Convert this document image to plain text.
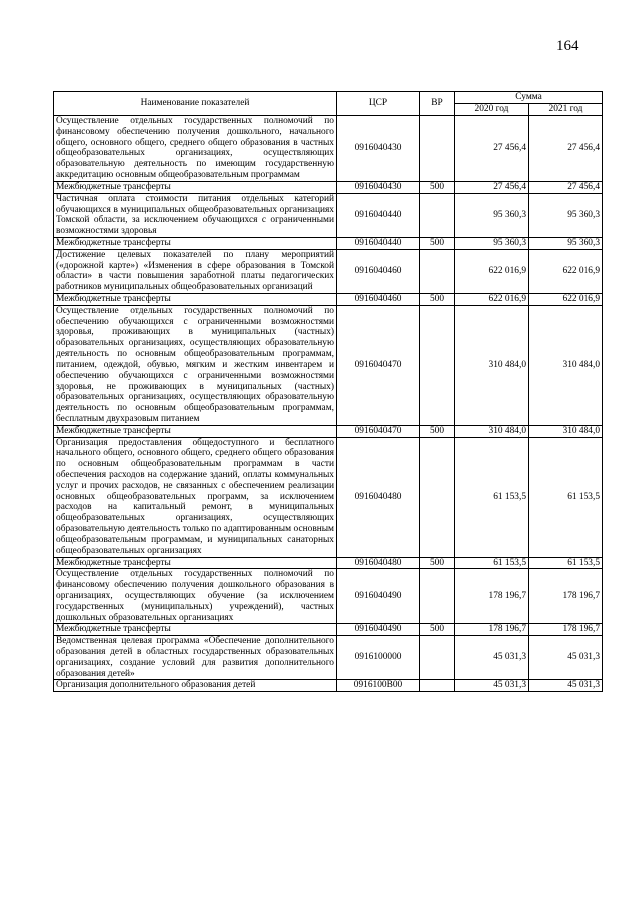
164
Наименование показателей	ЦСР	ВР	Сумма	
			2020 год	2021 год
Осуществление отдельных государственных полномочий по финансовому обеспечению получения дошкольного, начального общего, основного общего, среднего общего образования в частных общеобразовательных организациях, осуществляющих образовательную деятельность по имеющим государственную аккредитацию основным общеобразовательным программам	0916040430		27 456,4	27 456,4
Межбюджетные трансферты	0916040430	500	27 456,4	27 456,4
Частичная оплата стоимости питания отдельных категорий обучающихся в муниципальных общеобразовательных организациях Томской области, за исключением обучающихся с ограниченными возможностями здоровья	0916040440		95 360,3	95 360,3
Межбюджетные трансферты	0916040440	500	95 360,3	95 360,3
Достижение целевых показателей по плану мероприятий («дорожной карте») «Изменения в сфере образования в Томской области» в части повышения заработной платы педагогических работников муниципальных общеобразовательных организаций	0916040460		622 016,9	622 016,9
Межбюджетные трансферты	0916040460	500	622 016,9	622 016,9
Осуществление отдельных государственных полномочий по обеспечению обучающихся с ограниченными возможностями здоровья, проживающих в муниципальных (частных) образовательных организациях, осуществляющих образовательную деятельность по основным общеобразовательным программам, питанием, одеждой, обувью, мягким и жестким инвентарем и обеспечению обучающихся с ограниченными возможностями здоровья, не проживающих в муниципальных (частных) образовательных организациях, осуществляющих образовательную деятельность по основным общеобразовательным программам, бесплатным двухразовым питанием	0916040470		310 484,0	310 484,0
Межбюджетные трансферты	0916040470	500	310 484,0	310 484,0
Организация предоставления общедоступного и бесплатного начального общего, основного общего, среднего общего образования по основным общеобразовательным программам в части обеспечения расходов на содержание зданий, оплаты коммунальных услуг и прочих расходов, не связанных с обеспечением реализации основных общеобразовательных программ, за исключением расходов на капитальный ремонт, в муниципальных общеобразовательных организациях, осуществляющих образовательную деятельность только по адаптированным основным общеобразовательным программам, и муниципальных санаторных общеобразовательных организациях	0916040480		61 153,5	61 153,5
Межбюджетные трансферты	0916040480	500	61 153,5	61 153,5
Осуществление отдельных государственных полномочий по финансовому обеспечению получения дошкольного образования в организациях, осуществляющих обучение (за исключением государственных (муниципальных) учреждений), частных дошкольных образовательных организациях	0916040490		178 196,7	178 196,7
Межбюджетные трансферты	0916040490	500	178 196,7	178 196,7
Ведомственная целевая программа «Обеспечение дополнительного образования детей в областных государственных образовательных организациях, создание условий для развития дополнительного образования детей»	0916100000		45 031,3	45 031,3
Организация дополнительного образования детей	0916100В00		45 031,3	45 031,3
